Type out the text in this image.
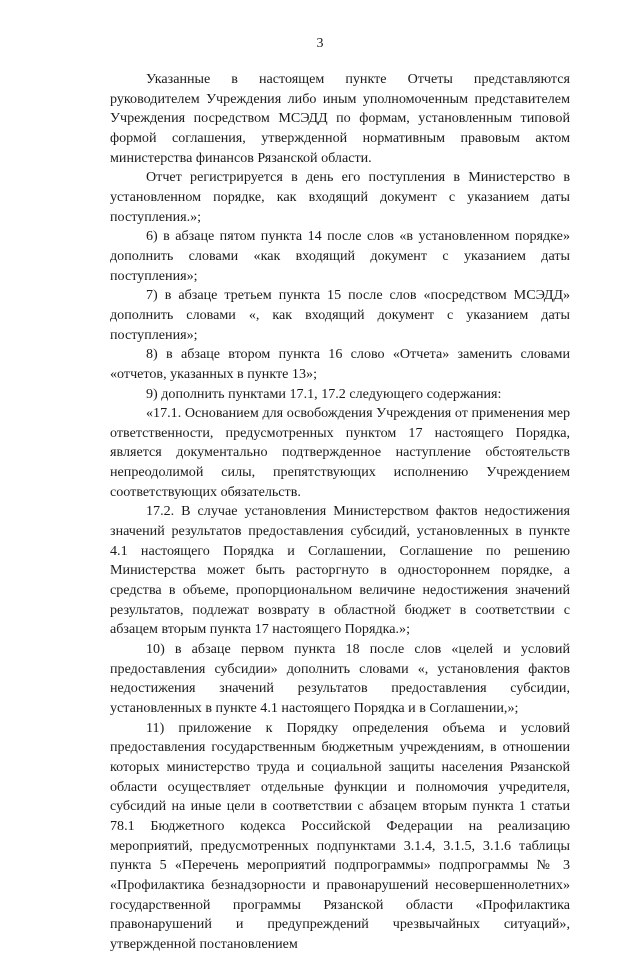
3

Указанные в настоящем пункте Отчеты представляются руководителем Учреждения либо иным уполномоченным представителем Учреждения посредством МСЭДД по формам, установленным типовой формой соглашения, утвержденной нормативным правовым актом министерства финансов Рязанской области.

Отчет регистрируется в день его поступления в Министерство в установленном порядке, как входящий документ с указанием даты поступления.»;

6) в абзаце пятом пункта 14 после слов «в установленном порядке» дополнить словами «как входящий документ с указанием даты поступления»;

7) в абзаце третьем пункта 15 после слов «посредством МСЭДД» дополнить словами «, как входящий документ с указанием даты поступления»;

8) в абзаце втором пункта 16 слово «Отчета» заменить словами «отчетов, указанных в пункте 13»;

9) дополнить пунктами 17.1, 17.2 следующего содержания:

«17.1. Основанием для освобождения Учреждения от применения мер ответственности, предусмотренных пунктом 17 настоящего Порядка, является документально подтвержденное наступление обстоятельств непреодолимой силы, препятствующих исполнению Учреждением соответствующих обязательств.

17.2. В случае установления Министерством фактов недостижения значений результатов предоставления субсидий, установленных в пункте 4.1 настоящего Порядка и Соглашении, Соглашение по решению Министерства может быть расторгнуто в одностороннем порядке, а средства в объеме, пропорциональном величине недостижения значений результатов, подлежат возврату в областной бюджет в соответствии с абзацем вторым пункта 17 настоящего Порядка.»;

10) в абзаце первом пункта 18 после слов «целей и условий предоставления субсидии» дополнить словами «, установления фактов недостижения значений результатов предоставления субсидии, установленных в пункте 4.1 настоящего Порядка и в Соглашении,»;

11) приложение к Порядку определения объема и условий предоставления государственным бюджетным учреждениям, в отношении которых министерство труда и социальной защиты населения Рязанской области осуществляет отдельные функции и полномочия учредителя, субсидий на иные цели в соответствии с абзацем вторым пункта 1 статьи 78.1 Бюджетного кодекса Российской Федерации на реализацию мероприятий, предусмотренных подпунктами 3.1.4, 3.1.5, 3.1.6 таблицы пункта 5 «Перечень мероприятий подпрограммы» подпрограммы № 3 «Профилактика безнадзорности и правонарушений несовершеннолетних» государственной программы Рязанской области «Профилактика правонарушений и предупреждений чрезвычайных ситуаций», утвержденной постановлением
